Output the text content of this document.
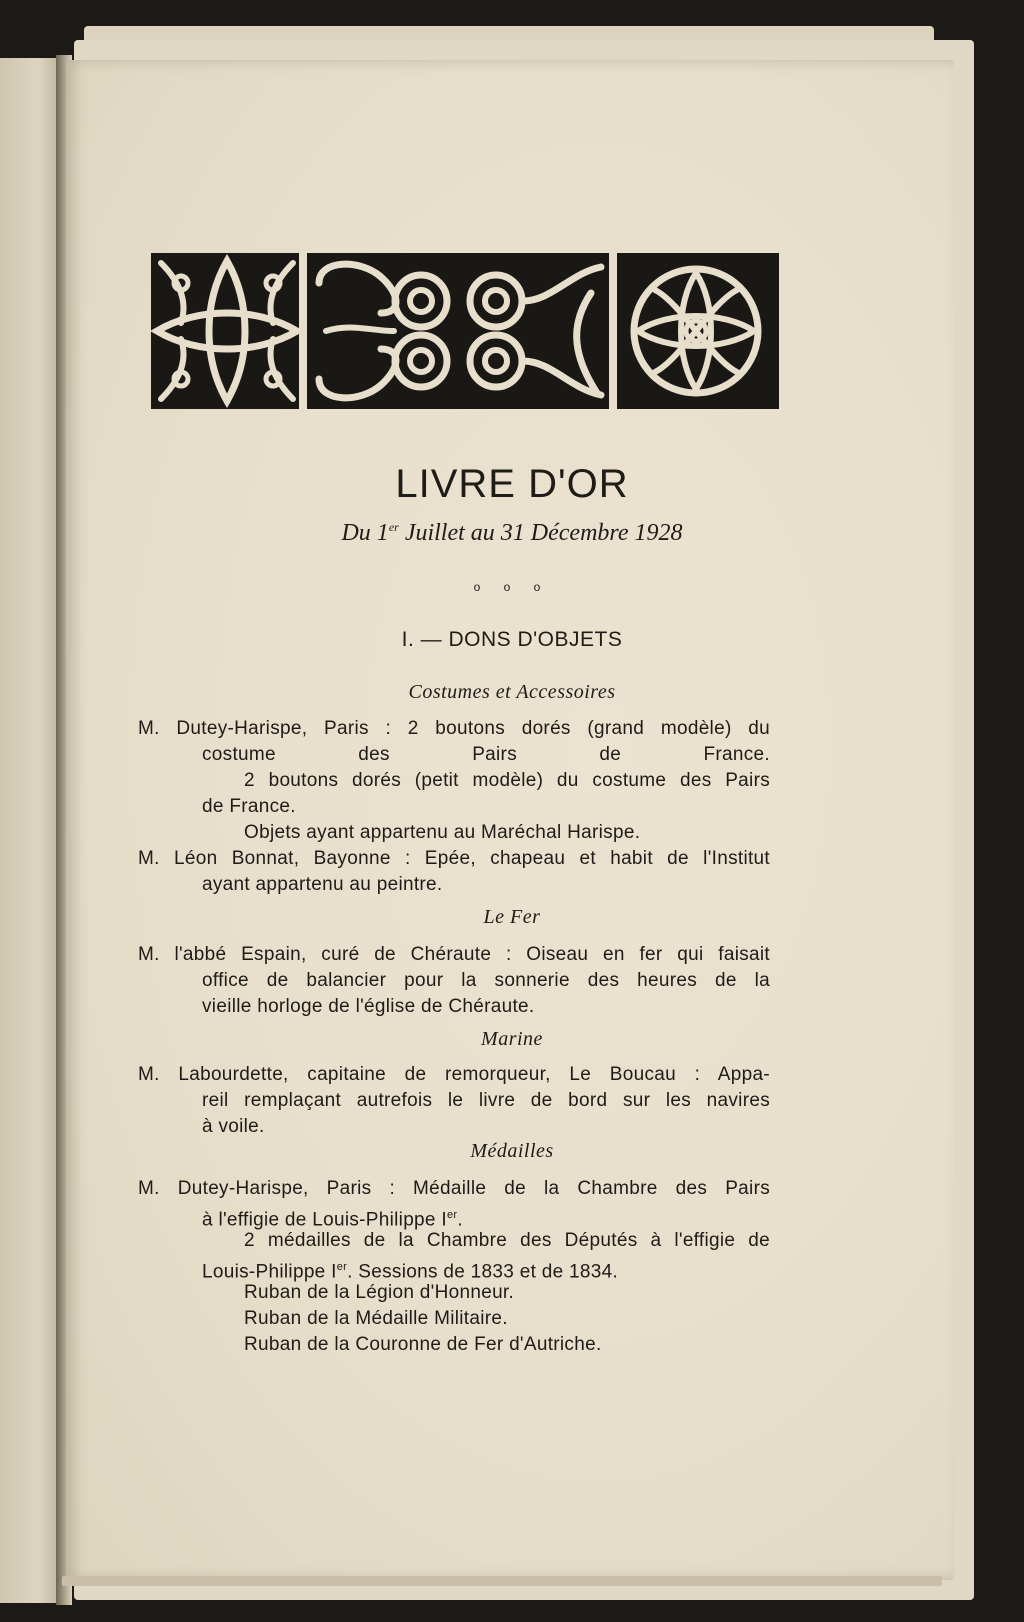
LIVRE D'OR
Du 1er Juillet au 31 Décembre 1928
o o o
I. — DONS D'OBJETS
Costumes et Accessoires
M. Dutey-Harispe, Paris : 2 boutons dorés (grand modèle) du
costume des Pairs de France.
2 boutons dorés (petit modèle) du costume des Pairs
de France.
Objets ayant appartenu au Maréchal Harispe.
M. Léon Bonnat, Bayonne : Epée, chapeau et habit de l'Institut
ayant appartenu au peintre.
Le Fer
M. l'abbé Espain, curé de Chéraute : Oiseau en fer qui faisait
office de balancier pour la sonnerie des heures de la
vieille horloge de l'église de Chéraute.
Marine
M. Labourdette, capitaine de remorqueur, Le Boucau : Appa-
reil remplaçant autrefois le livre de bord sur les navires
à voile.
Médailles
M. Dutey-Harispe, Paris : Médaille de la Chambre des Pairs
à l'effigie de Louis-Philippe Ier.
2 médailles de la Chambre des Députés à l'effigie de
Louis-Philippe Ier. Sessions de 1833 et de 1834.
Ruban de la Légion d'Honneur.
Ruban de la Médaille Militaire.
Ruban de la Couronne de Fer d'Autriche.
